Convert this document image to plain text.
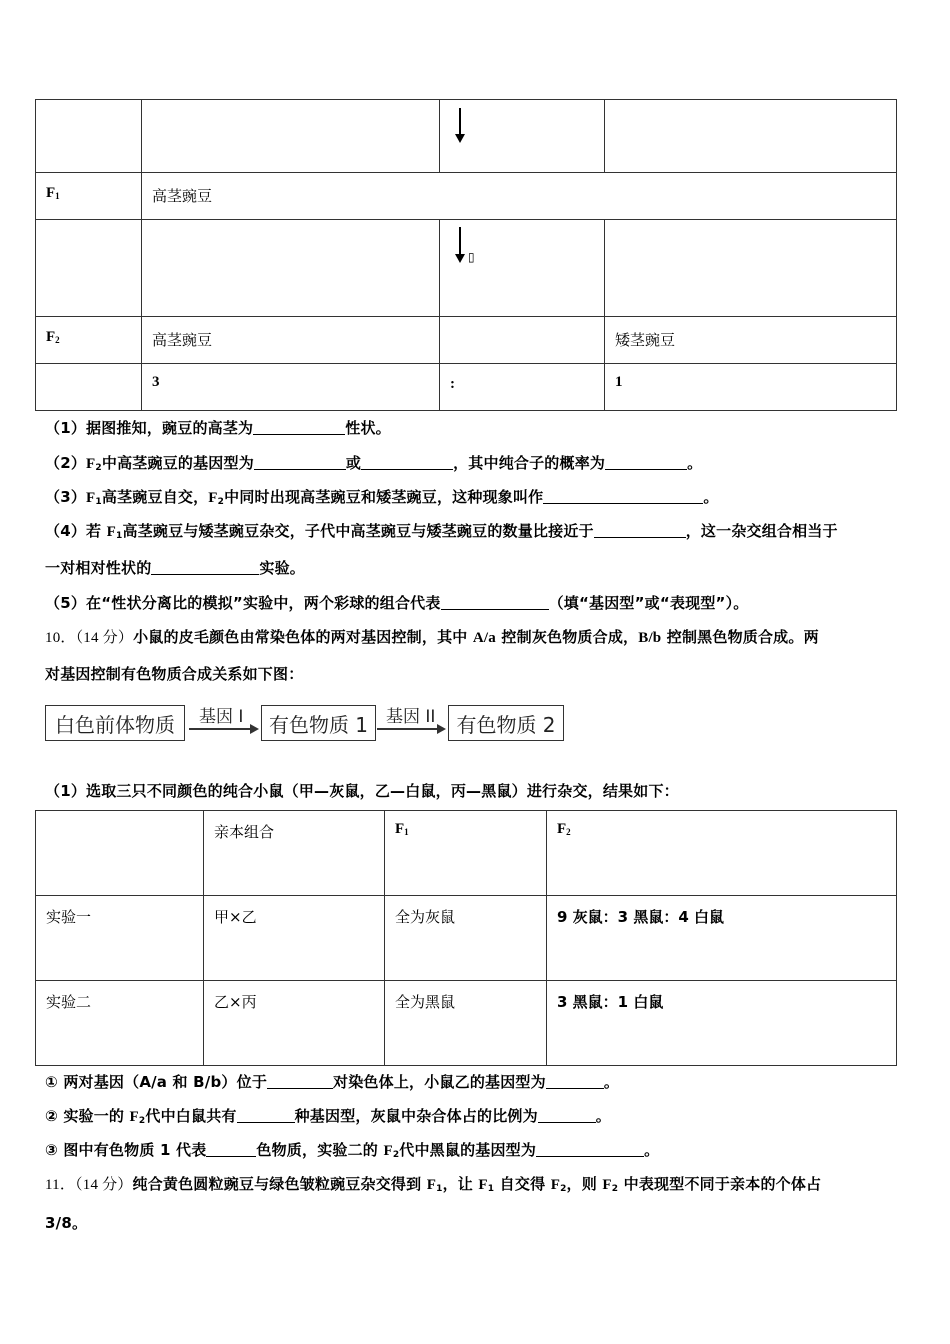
$F_1$	高茎豌豆		

		▯	

$F_2$	高茎豌豆		矮茎豌豆

	3	:	1
（1）据图推知，豌豆的高茎为	性状。
$(2)F_2$中高茎豌豆的基因型为	或	，其中纯合子的概率为	。
$(3)F_1$高茎豌豆自交，$F_2$中同时出现高茎豌豆和矮茎豌豆，这种现象叫作	。
（4）若 $F_1$高茎豌豆与矮茎豌豆杂交，子代中高茎豌豆与矮茎豌豆的数量比接近于	，这一杂交组合相当于
一对相对性状的	实验。
（5）在“性状分离比的模拟”实验中，两个彩球的组合代表	（填“基因型”或“表现型”）。
10．（14 分）小鼠的皮毛颜色由常染色体的两对基因控制，其中 A/a 控制灰色物质合成，B/b 控制黑色物质合成。两
对基因控制有色物质合成关系如下图：
白色前体物质 基因 I 有色物质 1 基因 II 有色物质 2
（1）选取三只不同颜色的纯合小鼠（甲—灰鼠，乙—白鼠，丙—黑鼠）进行杂交，结果如下：

	亲本组合	$F_1$	$F_2$

实验一	甲×乙	全为灰鼠	9 灰鼠：3 黑鼠：4 白鼠

实验二	乙×丙	全为黑鼠	3 黑鼠：1 白鼠
① 两对基因（A/a 和 B/b）位于	对染色体上，小鼠乙的基因型为	。
② 实验一的 $F_2$代中白鼠共有	种基因型，灰鼠中杂合体占的比例为	。
③ 图中有色物质 1 代表	色物质，实验二的 $F_2$代中黑鼠的基因型为	。
11．（14 分）纯合黄色圆粒豌豆与绿色皱粒豌豆杂交得到 $F_1$，让 $F_1$ 自交得 $F_2$，则 $F_2$ 中表现型不同于亲本的个体占
3/8。
